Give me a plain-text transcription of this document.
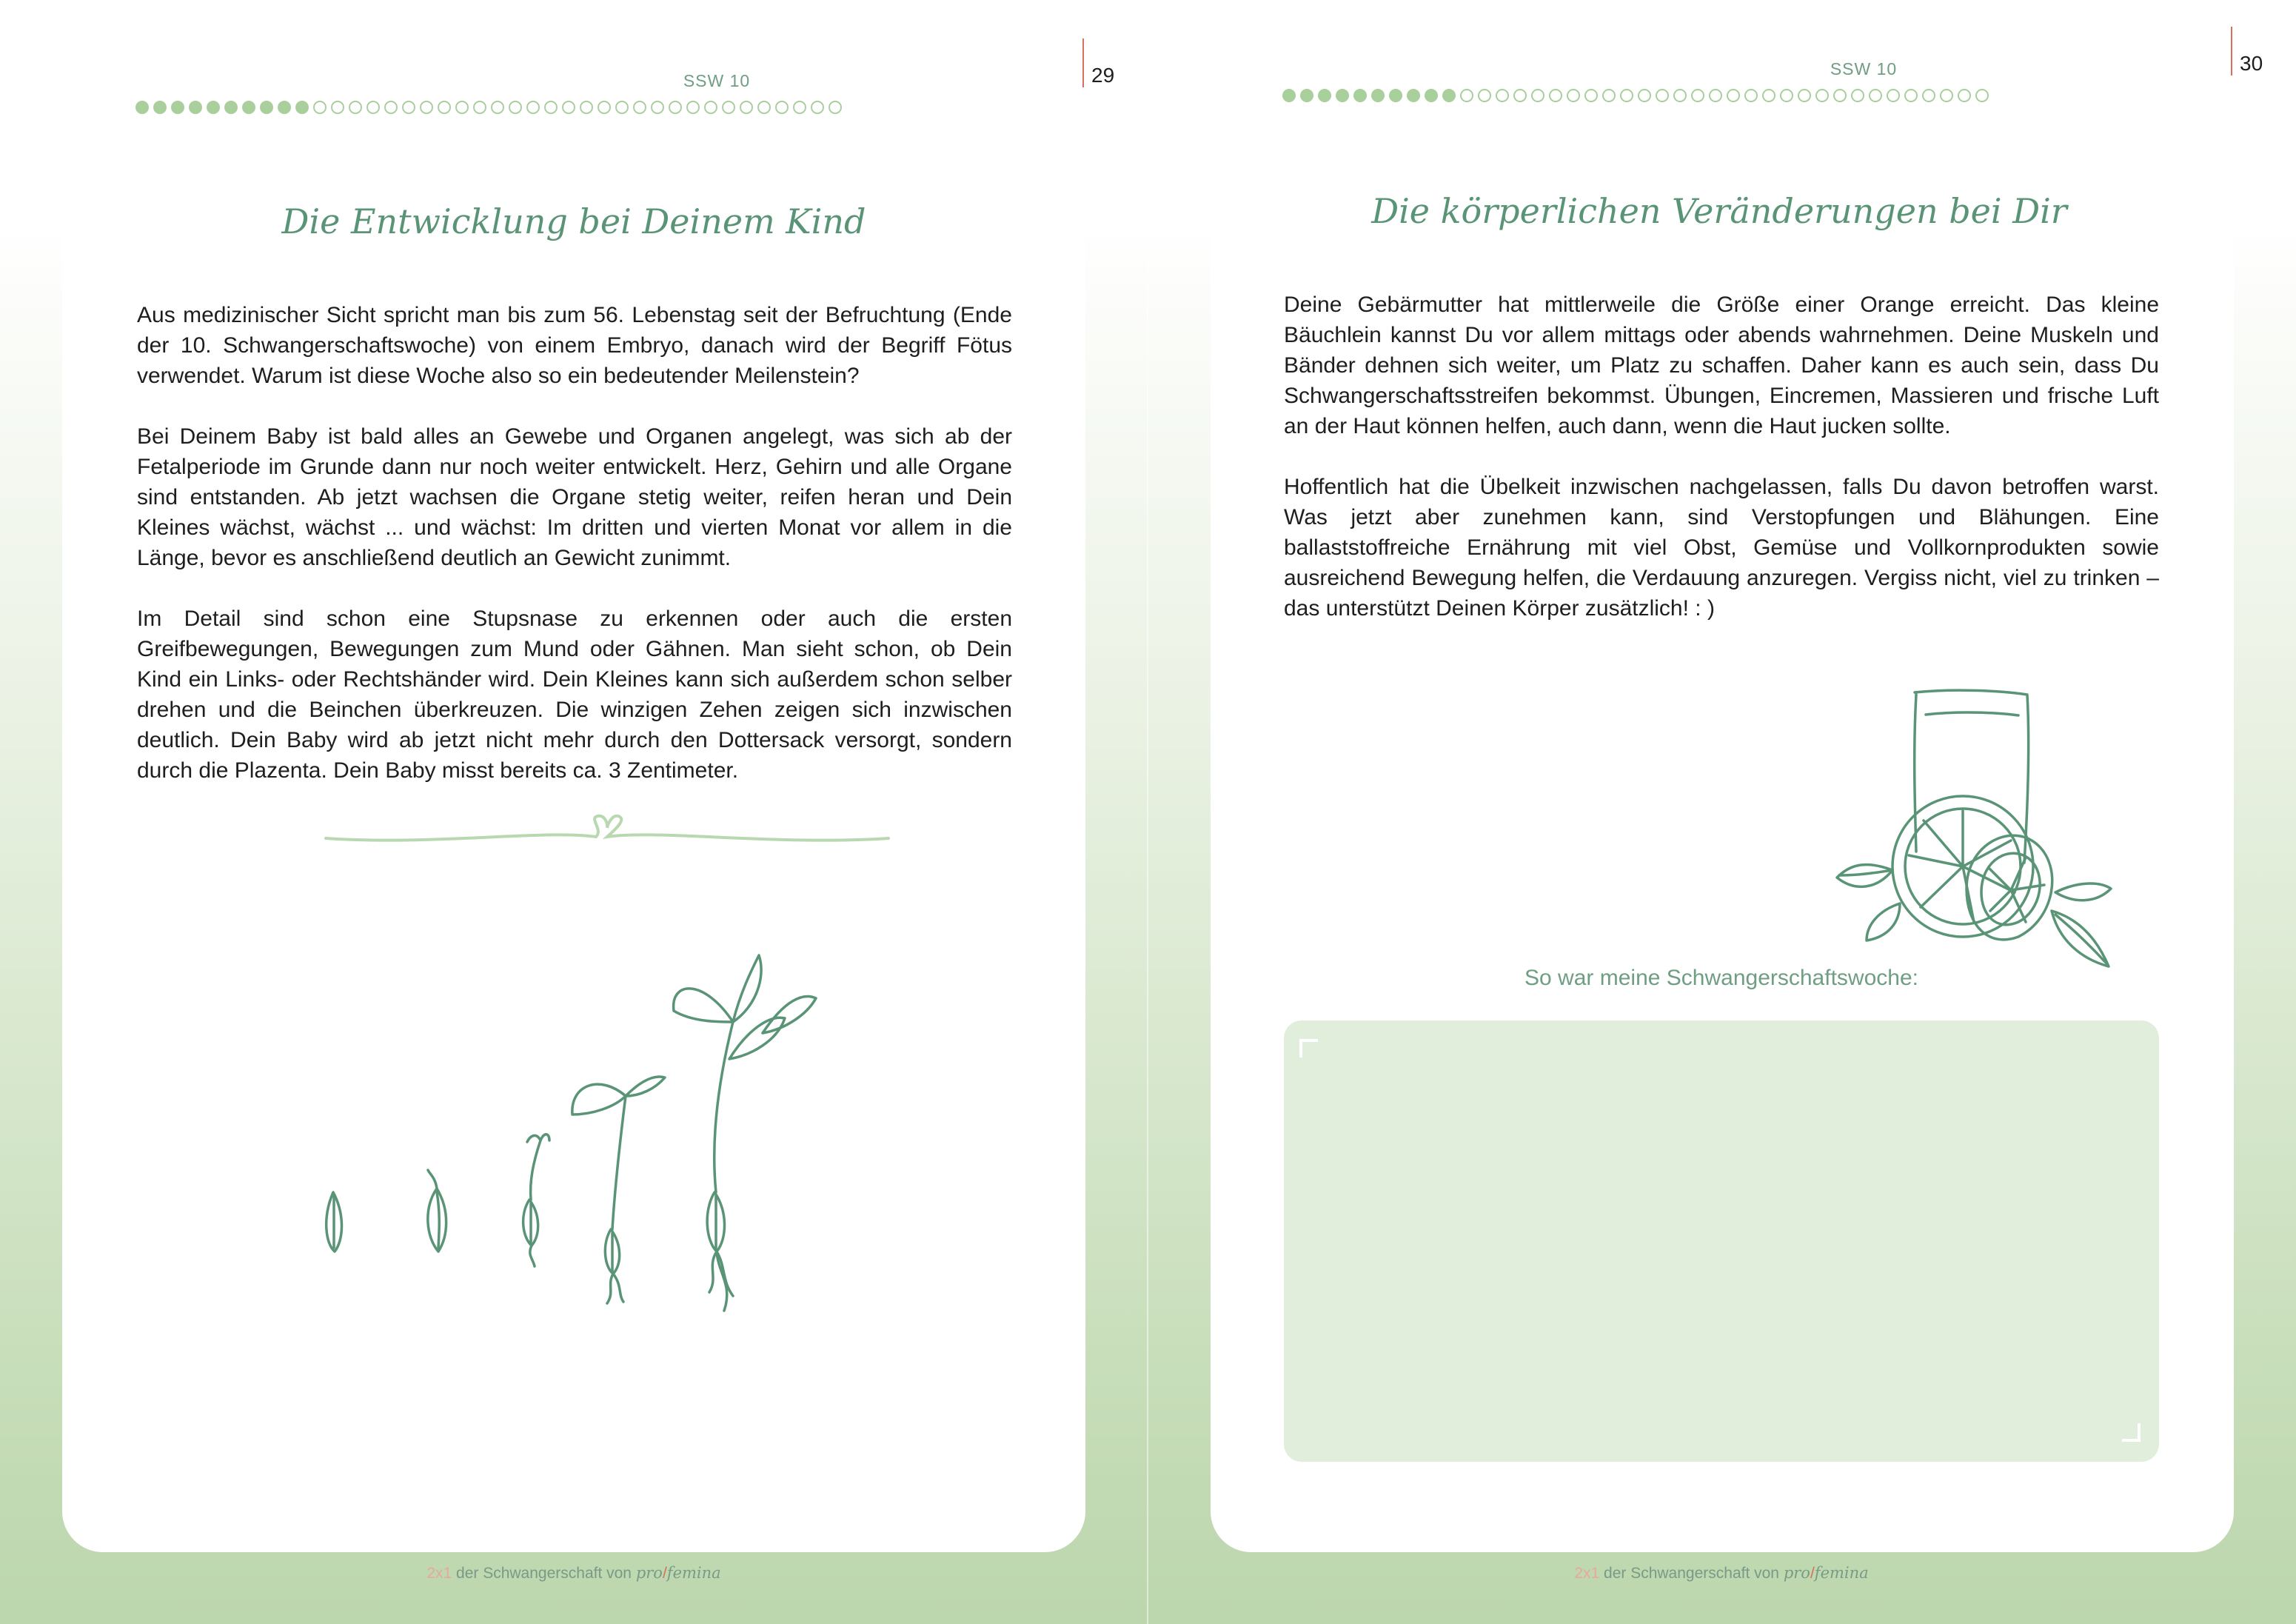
SSW 10	29
Die Entwicklung bei Deinem Kind

Aus medizinischer Sicht spricht man bis zum 56. Lebenstag seit der Befruchtung (Ende der 10. Schwangerschaftswoche) von einem Embryo, danach wird der Begriff Fötus verwendet. Warum ist diese Woche also so ein bedeutender Meilenstein?

Bei Deinem Baby ist bald alles an Gewebe und Organen angelegt, was sich ab der Fetalperiode im Grunde dann nur noch weiter entwickelt. Herz, Gehirn und alle Organe sind entstanden. Ab jetzt wachsen die Organe stetig weiter, reifen heran und Dein Kleines wächst, wächst ... und wächst: Im dritten und vierten Monat vor allem in die Länge, bevor es anschließend deutlich an Gewicht zunimmt.

Im Detail sind schon eine Stupsnase zu erkennen oder auch die ersten Greifbewegungen, Bewegungen zum Mund oder Gähnen. Man sieht schon, ob Dein Kind ein Links- oder Rechtshänder wird. Dein Kleines kann sich außerdem schon selber drehen und die Beinchen überkreuzen. Die winzigen Zehen zeigen sich inzwischen deutlich. Dein Baby wird ab jetzt nicht mehr durch den Dottersack versorgt, sondern durch die Plazenta. Dein Baby misst bereits ca. 3 Zentimeter.

2x1 der Schwangerschaft von pro/femina
SSW 10	30
Die körperlichen Veränderungen bei Dir

Deine Gebärmutter hat mittlerweile die Größe einer Orange erreicht. Das kleine Bäuchlein kannst Du vor allem mittags oder abends wahrnehmen. Deine Muskeln und Bänder dehnen sich weiter, um Platz zu schaffen. Daher kann es auch sein, dass Du Schwangerschaftsstreifen bekommst. Übungen, Eincremen, Massieren und frische Luft an der Haut können helfen, auch dann, wenn die Haut jucken sollte.

Hoffentlich hat die Übelkeit inzwischen nachgelassen, falls Du davon betroffen warst. Was jetzt aber zunehmen kann, sind Verstopfungen und Blähungen. Eine ballaststoffreiche Ernährung mit viel Obst, Gemüse und Vollkornprodukten sowie ausreichend Bewegung helfen, die Verdauung anzuregen. Vergiss nicht, viel zu trinken – das unterstützt Deinen Körper zusätzlich! : )

So war meine Schwangerschaftswoche:
2x1 der Schwangerschaft von pro/femina
